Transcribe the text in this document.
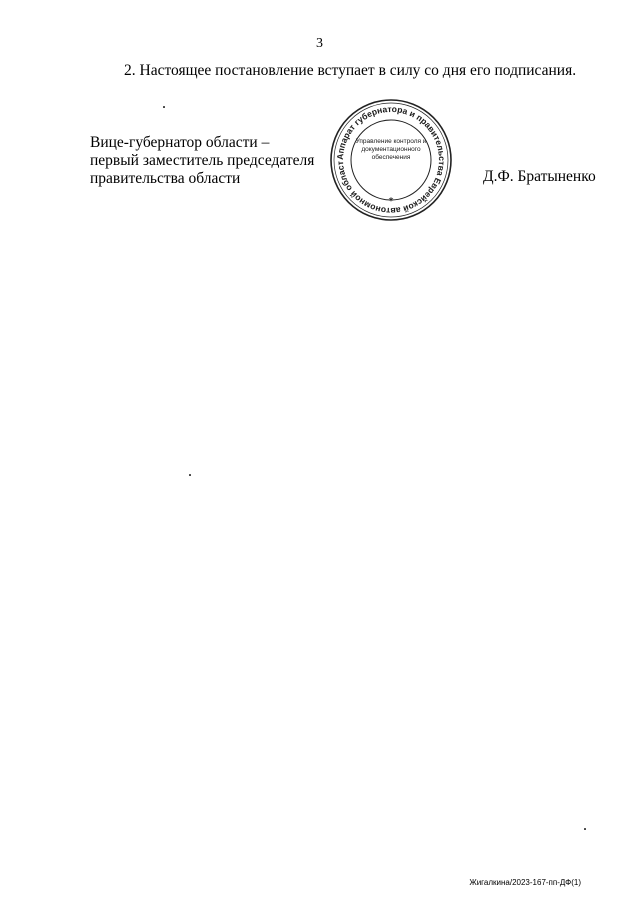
3
2. Настоящее постановление вступает в силу со дня его подписания.
Вице-губернатор области –
первый заместитель председателя
правительства области
Аппарат губернатора и правительства Еврейской автономной област
Управление контроля и
документационного
обеспечения
*
Д.Ф. Братыненко
Жигалкина/2023-167-пп-ДФ(1)
